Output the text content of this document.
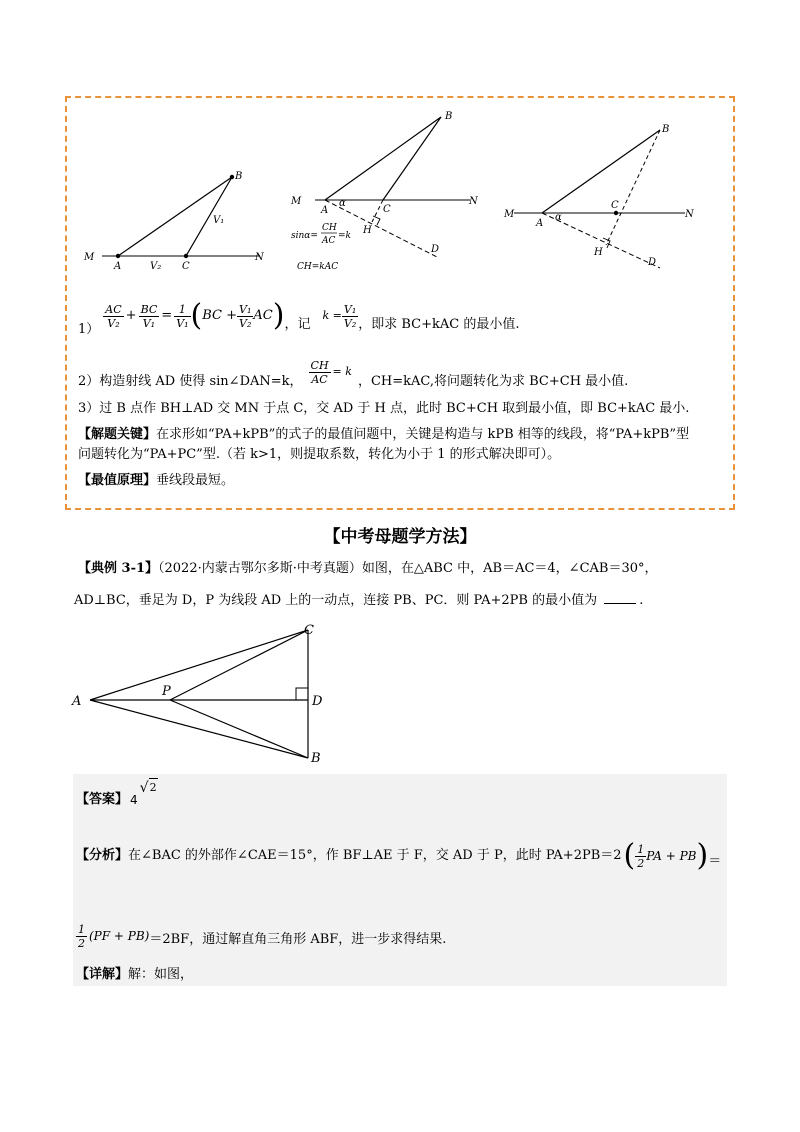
B
M
A	V₂ C
N
V₁
B
M
A
α
C
N
H
D
sinα=
CH
AC =k
CH=kAC
B
M
A
α
C
N
H
D
$1) \frac{AC}{\text{V₂}} + \frac{BC}{\text{V₁}} = \frac{1}{\text{V₁}}$ ( BC + $\frac{\text{V₁}}{\text{V₂}}$ AC ) ，记
$k = \frac{\text{V₁}}{\text{V₂}}$ ，即求 BC+kAC 的最小值.
2）构造射线 AD 使得 sin∠DAN=k， $\frac{CH}{AC} = k$
，CH=kAC,将问题转化为求 BC+CH 最小值.
3）过 B 点作 BH⊥AD 交 MN 于点 C，交 AD 于 H 点，此时 BC+CH 取到最小值，即 BC+kAC 最小.
【解题关键】在求形如“PA+kPB”的式子的最值问题中，关键是构造与 kPB 相等的线段，将“PA+kPB”型
问题转化为“PA+PC”型.（若 k>1，则提取系数，转化为小于 1 的形式解决即可）。
【最值原理】垂线段最短。
【中考母题学方法】
【典例 3-1】（2022·内蒙古鄂尔多斯·中考真题）如图，在△ABC 中，AB＝AC＝4，∠CAB＝30°，
AD⊥BC，垂足为 D，P 为线段 AD 上的一动点，连接 PB、PC．则 PA+2PB 的最小值为	.
A
P
C
D
B
【答案】 4
√ 2
【分析】 在∠BAC 的外部作∠CAE＝15°，作 BF⊥AE 于 F，交 AD 于 P，此时 PA+2PB＝2 ( $\frac{1}{2}$ PA + PB ) ＝
$\frac{1}{2} (PF + PB) =2BF$，通过解直角三角形 ABF，进一步求得结果.
【详解】解：如图，
